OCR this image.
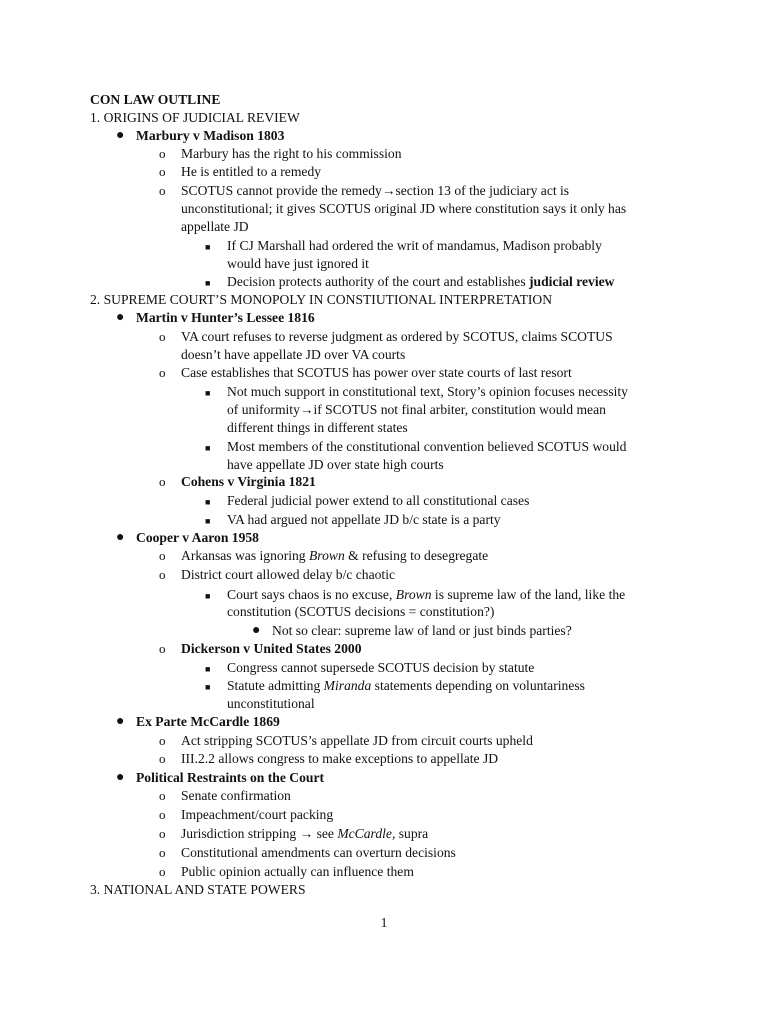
CON LAW OUTLINE
1. ORIGINS OF JUDICIAL REVIEW
● Marbury v Madison 1803
o Marbury has the right to his commission
o He is entitled to a remedy
o SCOTUS cannot provide the remedy→section 13 of the judiciary act is
unconstitutional; it gives SCOTUS original JD where constitution says it only has
appellate JD
■ If CJ Marshall had ordered the writ of mandamus, Madison probably
would have just ignored it
■ Decision protects authority of the court and establishes judicial review
2. SUPREME COURT’S MONOPOLY IN CONSTIUTIONAL INTERPRETATION
● Martin v Hunter’s Lessee 1816
o VA court refuses to reverse judgment as ordered by SCOTUS, claims SCOTUS
doesn’t have appellate JD over VA courts
o Case establishes that SCOTUS has power over state courts of last resort
■ Not much support in constitutional text, Story’s opinion focuses necessity
of uniformity→if SCOTUS not final arbiter, constitution would mean
different things in different states
■ Most members of the constitutional convention believed SCOTUS would
have appellate JD over state high courts
o Cohens v Virginia 1821
■ Federal judicial power extend to all constitutional cases
■ VA had argued not appellate JD b/c state is a party
● Cooper v Aaron 1958
o Arkansas was ignoring Brown & refusing to desegregate
o District court allowed delay b/c chaotic
■ Court says chaos is no excuse, Brown is supreme law of the land, like the
constitution (SCOTUS decisions = constitution?)
● Not so clear: supreme law of land or just binds parties?
o Dickerson v United States 2000
■ Congress cannot supersede SCOTUS decision by statute
■ Statute admitting Miranda statements depending on voluntariness
unconstitutional
● Ex Parte McCardle 1869
o Act stripping SCOTUS’s appellate JD from circuit courts upheld
o III.2.2 allows congress to make exceptions to appellate JD
● Political Restraints on the Court
o Senate confirmation
o Impeachment/court packing
o Jurisdiction stripping → see McCardle, supra
o Constitutional amendments can overturn decisions
o Public opinion actually can influence them
3. NATIONAL AND STATE POWERS
1
